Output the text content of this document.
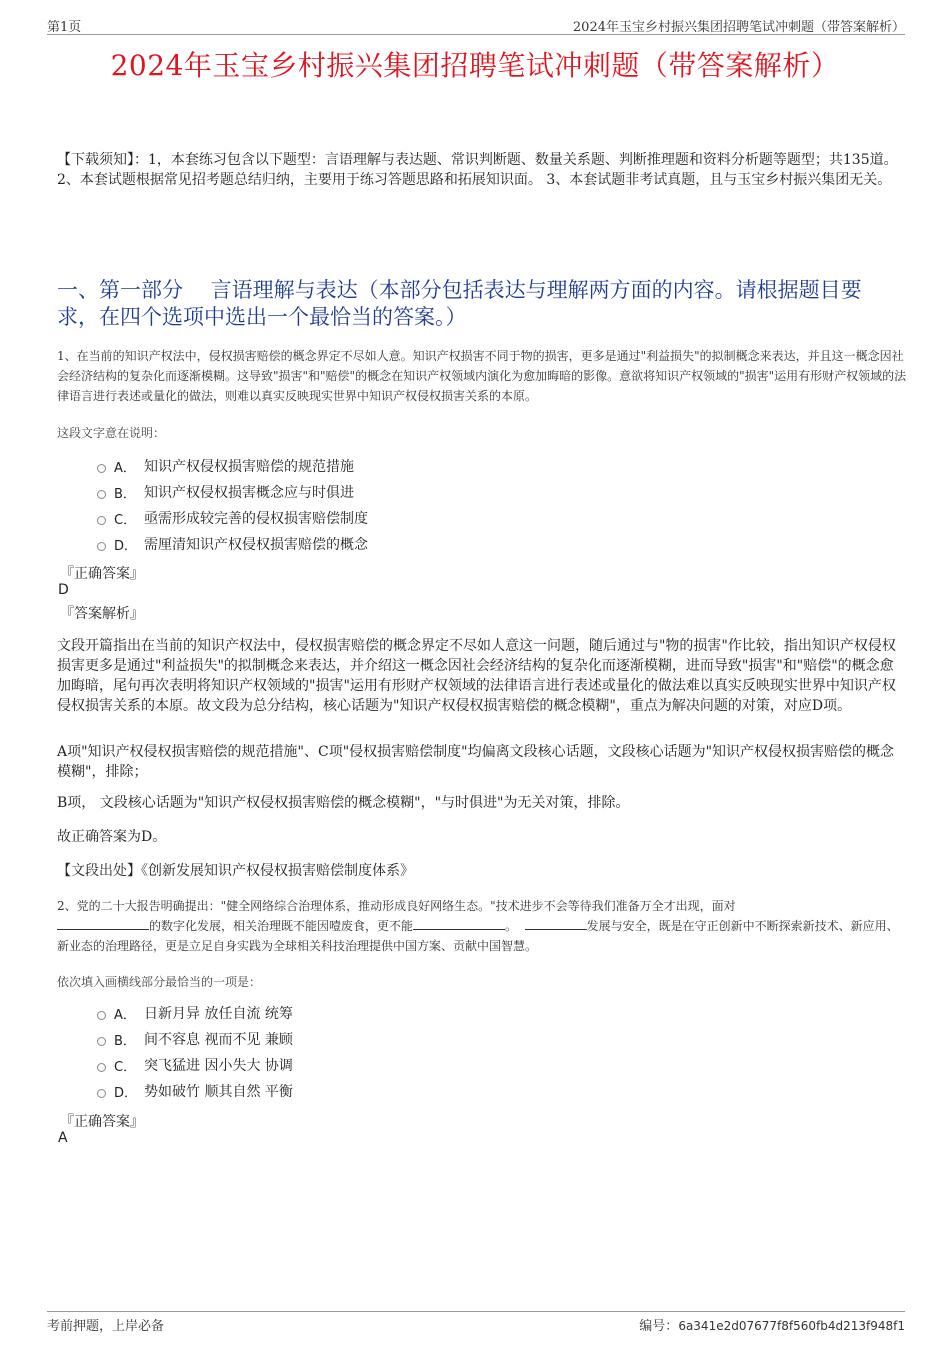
第1页	2024年玉宝乡村振兴集团招聘笔试冲刺题（带答案解析）
2024年玉宝乡村振兴集团招聘笔试冲刺题（带答案解析）
【下载须知】：1，本套练习包含以下题型：言语理解与表达题、常识判断题、数量关系题、判断推理题和资料分析题等题型；共135道。 2、本套试题根据常见招考题总结归纳，主要用于练习答题思路和拓展知识面。 3、本套试题非考试真题，且与玉宝乡村振兴集团无关。
一、第一部分　 言语理解与表达（本部分包括表达与理解两方面的内容。请根据题目要求，在四个选项中选出一个最恰当的答案。）
1、在当前的知识产权法中，侵权损害赔偿的概念界定不尽如人意。知识产权损害不同于物的损害，更多是通过"利益损失"的拟制概念来表达，并且这一概念因社会经济结构的复杂化而逐渐模糊。这导致"损害"和"赔偿"的概念在知识产权领域内演化为愈加晦暗的影像。意欲将知识产权领域的"损害"运用有形财产权领域的法律语言进行表述或量化的做法，则难以真实反映现实世界中知识产权侵权损害关系的本原。
这段文字意在说明：
A． 知识产权侵权损害赔偿的规范措施
B． 知识产权侵权损害概念应与时俱进
C． 亟需形成较完善的侵权损害赔偿制度
D． 需厘清知识产权侵权损害赔偿的概念
『正确答案』
D
『答案解析』
文段开篇指出在当前的知识产权法中，侵权损害赔偿的概念界定不尽如人意这一问题，随后通过与"物的损害"作比较，指出知识产权侵权损害更多是通过"利益损失"的拟制概念来表达，并介绍这一概念因社会经济结构的复杂化而逐渐模糊，进而导致"损害"和"赔偿"的概念愈加晦暗，尾句再次表明将知识产权领域的"损害"运用有形财产权领域的法律语言进行表述或量化的做法难以真实反映现实世界中知识产权侵权损害关系的本原。故文段为总分结构，核心话题为"知识产权侵权损害赔偿的概念模糊"，重点为解决问题的对策，对应D项。
A项"知识产权侵权损害赔偿的规范措施"、C项"侵权损害赔偿制度"均偏离文段核心话题，文段核心话题为"知识产权侵权损害赔偿的概念模糊"，排除；
B项， 文段核心话题为"知识产权侵权损害赔偿的概念模糊"，"与时俱进"为无关对策，排除。
故正确答案为D。
【文段出处】《创新发展知识产权侵权损害赔偿制度体系》
2、党的二十大报告明确提出："健全网络综合治理体系，推动形成良好网络生态。"技术进步不会等待我们准备万全才出现，面对
的数字化发展，相关治理既不能因噎废食，更不能	。	发展与安全，既是在守正创新中不断探索新技术、新应用、新业态的治理路径，更是立足自身实践为全球相关科技治理提供中国方案、贡献中国智慧。
依次填入画横线部分最恰当的一项是：
A． 日新月异 放任自流 统筹
B． 间不容息 视而不见 兼顾
C． 突飞猛进 因小失大 协调
D． 势如破竹 顺其自然 平衡
『正确答案』
A
考前押题，上岸必备	编号：6a341e2d07677f8f560fb4d213f948f1
